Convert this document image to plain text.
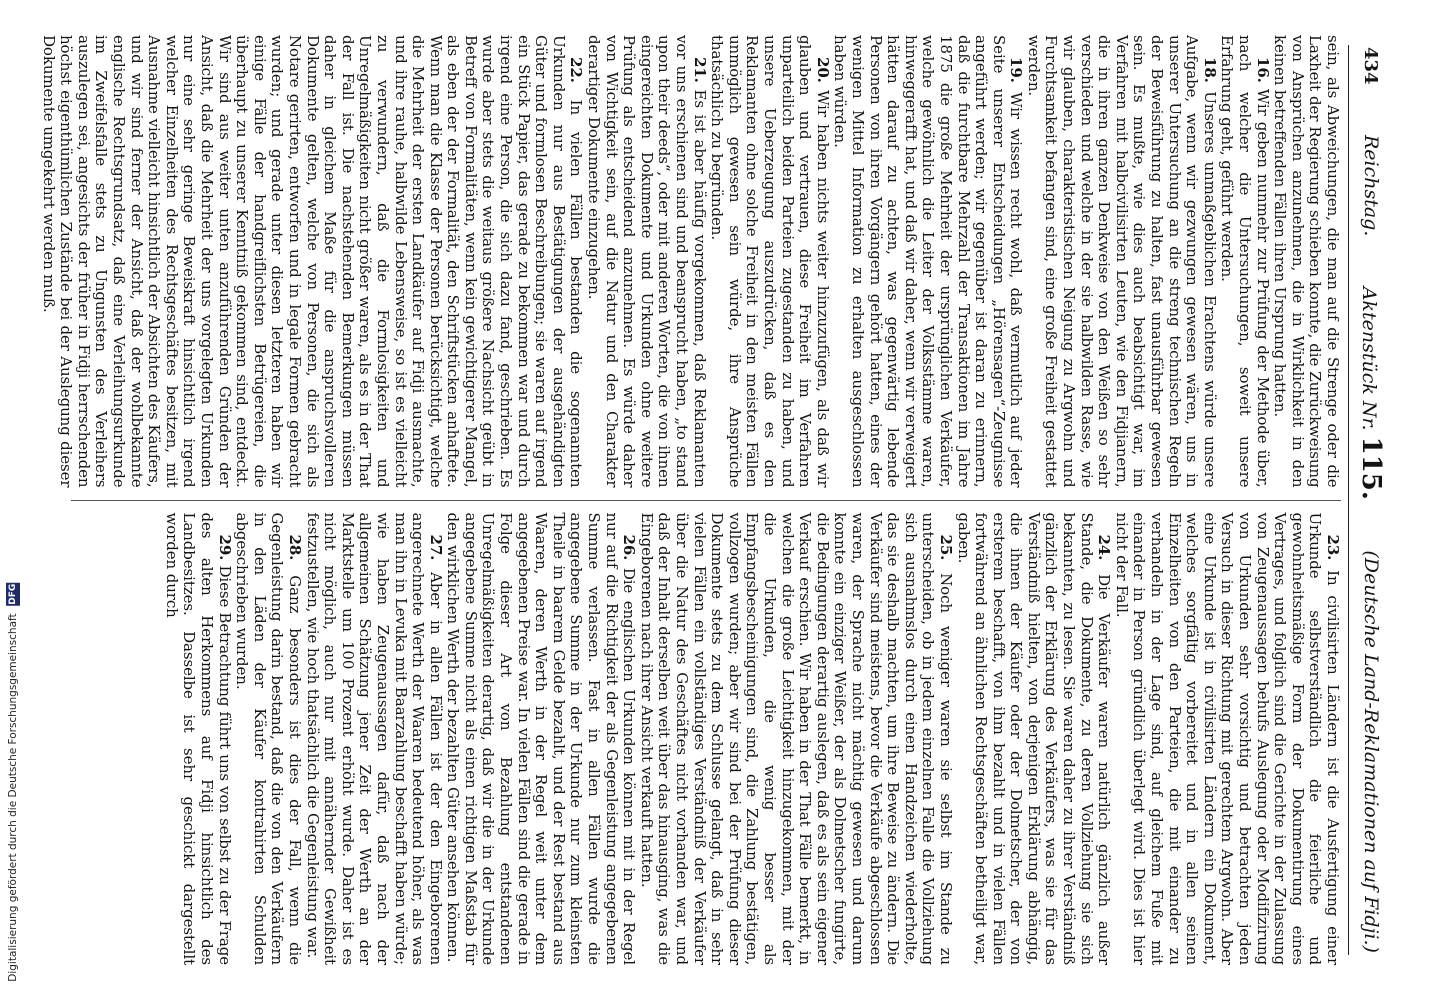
Digitalisierung gefördert durch die Deutsche Forschungsgemeinschaft DFG
434
Reichstag.
Aktenstück Nr. 115.
(Deutsche Land-Reklamationen auf Fidji.)

sein, als Abweichungen, die man auf die Strenge oder die Laxheit der Regierung schieben konnte, die Zurückweisung von Ansprüchen anzunehmen, die in Wirklichkeit in den keinen betreffenden Fällen ihren Ursprung hatten.

16. Wir geben nunmehr zur Prüfung der Methode über, nach welcher die Untersuchungen, soweit unsere Erfahrung geht, geführt werden.

18. Unseres unmaßgeblichen Erachtens würde unsere Aufgabe, wenn wir gezwungen gewesen wären, uns in unserer Untersuchung an die streng technischen Regeln der Beweisführung zu halten, fast unausführbar gewesen sein. Es mußte, wie dies auch beabsichtigt war, im Verfahren mit halbcivilisirten Leuten, wie den Fidjianern, die in ihren ganzen Denkweise von den Weißen so sehr verschieden und welche in der sie halbwilden Rasse, wie wir glauben, charakteristischen Neigung zu Argwohn und Furchtsamkeit befangen sind, eine große Freiheit gestattet werden.

19. Wir wissen recht wohl, daß vermutlich auf jeder Seite unserer Entscheidungen „Hörensagen“-Zeugnisse angeführt werden; wir gegenüber ist daran zu erinnern, daß die furchtbare Mehrzahl der Transaktionen im Jahre 1875 die große Mehrheit der ursprünglichen Verkäufer, welche gewöhnlich die Leiter der Volksstämme waren, hinweggerafft hat, und daß wir daher, wenn wir verweigert hätten darauf zu achten, was gegenwärtig lebende Personen von ihren Vorgängern gehört hatten, eines der wenigen Mittel Information zu erhalten ausgeschlossen haben würden.

20. Wir haben nichts weiter hinzuzufügen, als daß wir glauben und vertrauen, diese Freiheit im Verfahren unparteilich beiden Parteien zugestanden zu haben, und unsere Ueberzeugung auszudrücken, daß es den Reklamanten ohne solche Freiheit in den meisten Fällen unmöglich gewesen sein würde, ihre Ansprüche thatsächlich zu begründen.

21. Es ist aber häufig vorgekommen, daß Reklamanten vor uns erschienen sind und beansprucht haben, „to stand upon their deeds“, oder mit anderen Worten, die von ihnen eingereichten Dokumente und Urkunden ohne weitere Prüfung als entscheidend anzunehmen. Es würde daher von Wichtigkeit sein, auf die Natur und den Charakter derartiger Dokumente einzugehen.

22. In vielen Fällen bestanden die sogenannten Urkunden nur aus Bestätigungen der ausgehändigten Güter und formlosen Beschreibungen; sie waren auf irgend ein Stück Papier, das gerade zu bekommen war und durch irgend eine Person, die sich dazu fand, geschrieben. Es wurde aber stets die weitaus größere Nachsicht geübt in Betreff von Formalitäten, wenn kein gewichtigerer Mangel, als eben der der Formalität, den Schriftstücken anhaftete. Wenn man die Klasse der Personen berücksichtigt, welche die Mehrheit der ersten Landkäufer auf Fidji ausmachte, und ihre rauhe, halbwilde Lebensweise, so ist es vielleicht zu verwundern, daß die Formlosigkeiten und Unregelmäßigkeiten nicht größer waren, als es in der That der Fall ist. Die nachstehenden Bemerkungen müssen daher in gleichem Maße für die anspruchsvolleren Dokumente gelten, welche von Personen, die sich als Notare gerirten, entworfen und in legale Formen gebracht wurden; und gerade unter diesen letzteren haben wir einige Fälle der handgreiflichsten Betrügereien, die überhaupt zu unserer Kenntniß gekommen sind, entdeckt. Wir sind aus weiter unten anzuführenden Gründen der Ansicht, daß die Mehrheit der uns vorgelegten Urkunden nur eine sehr geringe Beweiskraft hinsichtlich irgend welcher Einzelheiten des Rechtsgeschäftes besitzen, mit Ausnahme vielleicht hinsichtlich der Absichten des Käufers, und wir sind ferner der Ansicht, daß der wohlbekannte englische Rechtsgrundsatz, daß eine Verleihungsurkunde im Zweifelsfalle stets zu Ungunsten des Verleihers auszulegen sei, angesichts der früher in Fidji herrschenden höchst eigenthümlichen Zustände bei der Auslegung dieser Dokumente umgekehrt werden muß.

23. In civilisirten Ländern ist die Ausfertigung einer Urkunde selbstverständlich die feierliche und gewohnheitsmäßige Form der Dokumentirung eines Vertrages, und folglich sind die Gerichte in der Zulassung von Zeugenaussagen behufs Auslegung oder Modifizirung von Urkunden sehr vorsichtig und betrachten jeden Versuch in dieser Richtung mit gerechtem Argwohn. Aber eine Urkunde ist in civilisirten Ländern ein Dokument, welches sorgfältig vorbereitet und in allen seinen Einzelheiten von den Parteien, die mit einander zu verhandeln in der Lage sind, auf gleichem Fuße mit einander in Person gründlich überlegt wird. Dies ist hier nicht der Fall.

24. Die Verkäufer waren natürlich gänzlich außer Stande, die Dokumente, zu deren Vollziehung sie sich bekannten, zu lesen. Sie waren daher zu ihrer Verständniß gänzlich der Erklärung des Verkäufers, was sie für das Verständniß hielten, von derjenigen Erklärung abhängig, die ihnen der Käufer oder der Dolmetscher, der von ersterem beschafft, von ihm bezahlt und in vielen Fällen fortwährend an ähnlichen Rechtsgeschäften betheiligt war, gaben.

25. Noch weniger waren sie selbst im Stande zu unterscheiden, ob in jedem einzelnen Falle die Vollziehung sich ausnahmslos durch einen Handzeichen wiederholte, das sie deshalb machten, um ihre Beweise zu ändern. Die Verkäufer sind meistens, bevor die Verkäufe abgeschlossen waren, der Sprache nicht mächtig gewesen und darum konnte ein einziger Weißer, der als Dolmetscher fungirte, die Bedingungen derartig auslegen, daß es als sein eigener Verkauf erschien. Wir haben in der That Fälle bemerkt, in welchen die große Leichtigkeit hinzugekommen, mit der die Urkunden, die wenig besser als Empfangsbescheinigungen sind, die Zahlung bestätigen, vollzogen wurden; aber wir sind bei der Prüfung dieser Dokumente stets zu dem Schlusse gelangt, daß in sehr vielen Fällen ein vollständiges Verständniß der Verkäufer über die Natur des Geschäftes nicht vorhanden war, und daß der Inhalt derselben weit über das hinausging, was die Eingeborenen nach ihrer Ansicht verkauft hatten.

26. Die englischen Urkunden können mit in der Regel nur auf die Richtigkeit der als Gegenleistung angegebenen Summe verlassen. Fast in allen Fällen wurde die angegebene Summe in der Urkunde nur zum kleinsten Theile in baarem Gelde bezahlt, und der Rest bestand aus Waaren, deren Werth in der Regel weit unter dem angegebenen Preise war. In vielen Fällen sind die gerade in Folge dieser Art von Bezahlung entstandenen Unregelmäßigkeiten derartig, daß wir die in der Urkunde angegebene Summe nicht als einen richtigen Maßstab für den wirklichen Werth der bezahlten Güter ansehen können.

27. Aber in allen Fällen ist der den Eingeborenen angerechnete Werth der Waaren bedeutend höher, als was man ihn in Levuka mit Baarzahlung beschafft haben würde; wie haben Zeugenaussagen dafür, daß nach der allgemeinen Schätzung jener Zeit der Werth an der Marktstelle um 100 Prozent erhöht wurde. Daher ist es nicht möglich, auch nur mit annähernder Gewißheit festzustellen, wie hoch thatsächlich die Gegenleistung war.

28. Ganz besonders ist dies der Fall, wenn die Gegenleistung darin bestand, daß die von den Verkäufern in den Läden der Käufer kontrahirten Schulden abgeschrieben wurden.

29. Diese Betrachtung führt uns von selbst zu der Frage des alten Herkommens auf Fidji hinsichtlich des Landbesitzes. Dasselbe ist sehr geschickt dargestellt worden durch
